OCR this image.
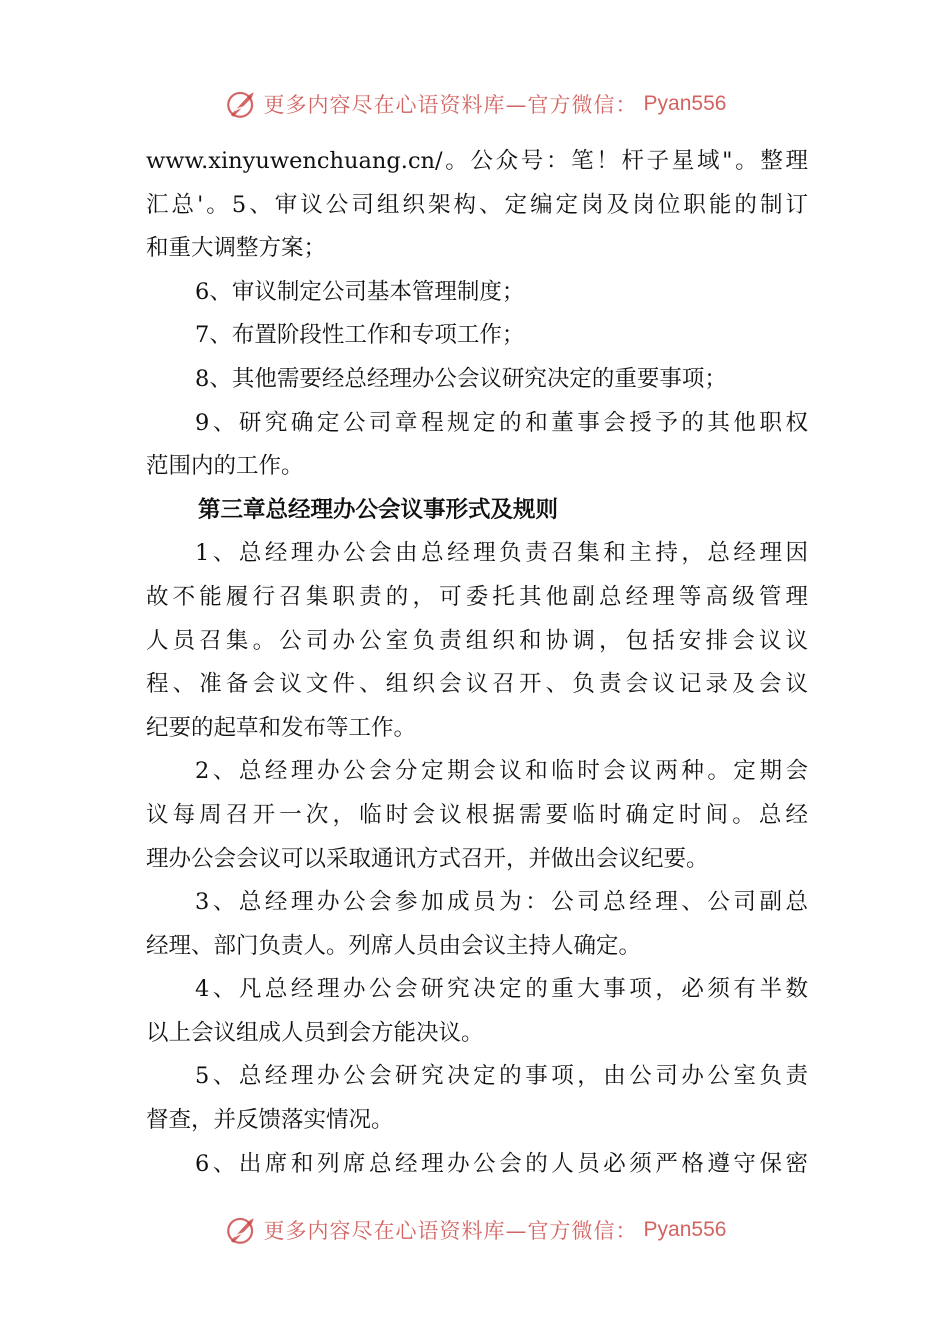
更多内容尽在心语资料库—官方微信： Pyan556
www.xinyuwenchuang.cn/。公众号：笔！杆子星域"。整理
汇总'。5、审议公司组织架构、定编定岗及岗位职能的制订
和重大调整方案；
6、审议制定公司基本管理制度；
7、布置阶段性工作和专项工作；
8、其他需要经总经理办公会议研究决定的重要事项；
9、研究确定公司章程规定的和董事会授予的其他职权
范围内的工作。
第三章总经理办公会议事形式及规则
1、总经理办公会由总经理负责召集和主持，总经理因
故不能履行召集职责的，可委托其他副总经理等高级管理
人员召集。公司办公室负责组织和协调，包括安排会议议
程、准备会议文件、组织会议召开、负责会议记录及会议
纪要的起草和发布等工作。
2、总经理办公会分定期会议和临时会议两种。定期会
议每周召开一次，临时会议根据需要临时确定时间。总经
理办公会会议可以采取通讯方式召开，并做出会议纪要。
3、总经理办公会参加成员为：公司总经理、公司副总
经理、部门负责人。列席人员由会议主持人确定。
4、凡总经理办公会研究决定的重大事项，必须有半数
以上会议组成人员到会方能决议。
5、总经理办公会研究决定的事项，由公司办公室负责
督查，并反馈落实情况。
6、出席和列席总经理办公会的人员必须严格遵守保密
更多内容尽在心语资料库—官方微信： Pyan556
